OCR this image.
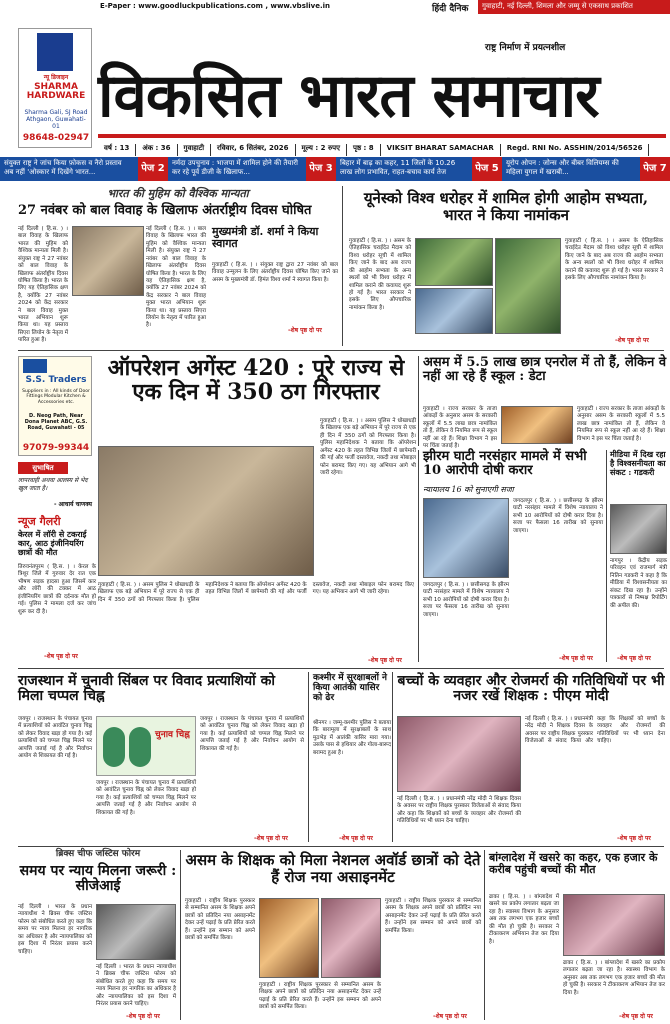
E-Paper : www.goodluckpublications.com , www.vbslive.in	हिंदी दैनिक	गुवाहाटी, नई दिल्ली, शिमला और जम्मू से एकसाथ प्रकाशित
न्यू डिजाइन
SHARMA HARDWARE
Sharma Gali, SJ Road Athgaon, Guwahati-01
98648-02947
राष्ट्र निर्माण में प्रयत्नशील
विकसित भारत समाचार
वर्ष : 13	अंक : 36	गुवाहाटी	रविवार, 6 सितंबर, 2026	मूल्य : 2 रुपए	पृष्ठ : 8	VIKSIT BHARAT SAMACHAR	Regd. RNI No. ASSHIN/2014/56526
संयुक्त राष्ट्र ने जांच किया फ़ोकस व नैरो प्रस्ताव अब नहीं 'ओस्कार में दिखेंगे भारत...	पेज 2	नर्मदा उपचुनाव : भाजपा में शामिल होने की तैयारी कर रहे पूर्व डीजी के खिलाफ...	पेज 3	बिहार में बाढ़ का कहर, 11 जिलों के 10.26 लाख लोग प्रभावित, राहत-बचाव कार्य तेज	पेज 5	यूरोप ओपन : जोन्स और बीबर विलियम्स की महिला युगल में खराबी...	पेज 7
भारत की मुहिम को वैश्विक मान्यता
27 नवंबर को बाल विवाह के खिलाफ अंतर्राष्ट्रीय दिवस घोषित
नई दिल्ली ( हि.स. ) । बाल विवाह के खिलाफ भारत की मुहिम को वैश्विक मान्यता मिली है। संयुक्त राष्ट्र ने 27 नवंबर को बाल विवाह के खिलाफ अंतर्राष्ट्रीय दिवस घोषित किया है। भारत के लिए यह ऐतिहासिक क्षण है, क्योंकि 27 नवंबर 2024 को केंद्र सरकार ने बाल विवाह मुक्त भारत अभियान शुरू किया था। यह प्रस्ताव सिएरा लियोन के नेतृत्व में पारित हुआ है।
नई दिल्ली ( हि.स. ) । बाल विवाह के खिलाफ भारत की मुहिम को वैश्विक मान्यता मिली है। संयुक्त राष्ट्र ने 27 नवंबर को बाल विवाह के खिलाफ अंतर्राष्ट्रीय दिवस घोषित किया है। भारत के लिए यह ऐतिहासिक क्षण है, क्योंकि 27 नवंबर 2024 को केंद्र सरकार ने बाल विवाह मुक्त भारत अभियान शुरू किया था। यह प्रस्ताव सिएरा लियोन के नेतृत्व में पारित हुआ है।
मुख्यमंत्री डॉ. शर्मा ने किया स्वागत
गुवाहाटी ( हि.स. ) । संयुक्त राष्ट्र द्वारा 27 नवंबर को बाल विवाह उन्मूलन के लिए अंतर्राष्ट्रीय दिवस घोषित किए जाने का असम के मुख्यमंत्री डॉ. हिमंत विश्व शर्मा ने स्वागत किया है।
-शेष पृष्ठ दो पर
यूनेस्को विश्व धरोहर में शामिल होगी आहोम सभ्यता, भारत ने किया नामांकन
गुवाहाटी ( हि.स. ) । असम के ऐतिहासिक चराईदेउ मैदाम को विश्व धरोहर सूची में शामिल किए जाने के बाद अब राज्य की आहोम सभ्यता के अन्य स्थलों को भी विश्व धरोहर में शामिल कराने की कवायद शुरू हो गई है। भारत सरकार ने इसके लिए औपचारिक नामांकन किया है।
गुवाहाटी ( हि.स. ) । असम के ऐतिहासिक चराईदेउ मैदाम को विश्व धरोहर सूची में शामिल किए जाने के बाद अब राज्य की आहोम सभ्यता के अन्य स्थलों को भी विश्व धरोहर में शामिल कराने की कवायद शुरू हो गई है। भारत सरकार ने इसके लिए औपचारिक नामांकन किया है।
-शेष पृष्ठ दो पर
S.S. Traders
Suppliers in : All kinds of Door Fittings Modular Kitchen & Accessories etc.
D. Neog Path, Near Dona Planet ABC, G.S. Road, Guwahati - 05
97079-99344
सुभाषित
लापरवाही अथवा आलस्य से भेद खुल जाता है।
- आचार्य चाणक्य
न्यूज गैलरी
केरल में लॉरी से टकराई कार, आठ इंजीनियरिंग छात्रों की मौत
तिरुवनंतपुरम ( हि.स. ) । केरल के त्रिशूर जिले में गुरुवार देर रात एक भीषण सड़क हादसा हुआ जिसमें कार और लॉरी की टक्कर में आठ इंजीनियरिंग छात्रों की दर्दनाक मौत हो गई। पुलिस ने मामला दर्ज कर जांच शुरू कर दी है।
-शेष पृष्ठ दो पर
ऑपरेशन अगेंस्ट 420 : पूरे राज्य से एक दिन में 350 ठग गिरफ्तार
गुवाहाटी ( हि.स. ) । असम पुलिस ने धोखाधड़ी के खिलाफ एक बड़े अभियान में पूरे राज्य से एक ही दिन में 350 ठगों को गिरफ्तार किया है। पुलिस महानिदेशक ने बताया कि ऑपरेशन अगेंस्ट 420 के तहत विभिन्न जिलों में छापेमारी की गई और फर्जी दस्तावेज, नकदी तथा मोबाइल फोन बरामद किए गए। यह अभियान आगे भी जारी रहेगा।
गुवाहाटी ( हि.स. ) । असम पुलिस ने धोखाधड़ी के खिलाफ एक बड़े अभियान में पूरे राज्य से एक ही दिन में 350 ठगों को गिरफ्तार किया है। पुलिस महानिदेशक ने बताया कि ऑपरेशन अगेंस्ट 420 के तहत विभिन्न जिलों में छापेमारी की गई और फर्जी दस्तावेज, नकदी तथा मोबाइल फोन बरामद किए गए। यह अभियान आगे भी जारी रहेगा।
-शेष पृष्ठ दो पर
असम में 5.5 लाख छात्र एनरोल में तो हैं, लेकिन वे नहीं आ रहे हैं स्कूल : डेटा
गुवाहाटी । राज्य सरकार के ताजा आंकड़ों के अनुसार असम के सरकारी स्कूलों में 5.5 लाख छात्र नामांकित तो हैं, लेकिन वे नियमित रूप से स्कूल नहीं आ रहे हैं। शिक्षा विभाग ने इस पर चिंता जताई है।
गुवाहाटी । राज्य सरकार के ताजा आंकड़ों के अनुसार असम के सरकारी स्कूलों में 5.5 लाख छात्र नामांकित तो हैं, लेकिन वे नियमित रूप से स्कूल नहीं आ रहे हैं। शिक्षा विभाग ने इस पर चिंता जताई है।
झीरम घाटी नरसंहार मामले में सभी 10 आरोपी दोषी करार
न्यायालय 16 को सुनाएगी सजा
जगदलपुर ( हि.स. ) । छत्तीसगढ़ के झीरम घाटी नरसंहार मामले में विशेष न्यायालय ने सभी 10 आरोपियों को दोषी करार दिया है। सजा पर फैसला 16 तारीख को सुनाया जाएगा।
जगदलपुर ( हि.स. ) । छत्तीसगढ़ के झीरम घाटी नरसंहार मामले में विशेष न्यायालय ने सभी 10 आरोपियों को दोषी करार दिया है। सजा पर फैसला 16 तारीख को सुनाया जाएगा।
-शेष पृष्ठ दो पर
मीडिया में दिख रहा है विश्वसनीयता का संकट : गडकरी
नागपुर । केंद्रीय सड़क परिवहन एवं राजमार्ग मंत्री नितिन गडकरी ने कहा है कि मीडिया में विश्वसनीयता का संकट दिख रहा है। उन्होंने पत्रकारों से निष्पक्ष रिपोर्टिंग की अपील की।
-शेष पृष्ठ दो पर
राजस्थान में चुनावी सिंबल पर विवाद प्रत्याशियों को मिला चप्पल चिह्न
जयपुर । राजस्थान के पंचायत चुनाव में प्रत्याशियों को आवंटित चुनाव चिह्न को लेकर विवाद खड़ा हो गया है। कई प्रत्याशियों को चप्पल चिह्न मिलने पर आपत्ति जताई गई है और निर्वाचन आयोग से शिकायत की गई है।
चुनाव चिह्न
जयपुर । राजस्थान के पंचायत चुनाव में प्रत्याशियों को आवंटित चुनाव चिह्न को लेकर विवाद खड़ा हो गया है। कई प्रत्याशियों को चप्पल चिह्न मिलने पर आपत्ति जताई गई है और निर्वाचन आयोग से शिकायत की गई है।
जयपुर । राजस्थान के पंचायत चुनाव में प्रत्याशियों को आवंटित चुनाव चिह्न को लेकर विवाद खड़ा हो गया है। कई प्रत्याशियों को चप्पल चिह्न मिलने पर आपत्ति जताई गई है और निर्वाचन आयोग से शिकायत की गई है।
-शेष पृष्ठ दो पर
कश्मीर में सुरक्षाबलों ने किया आतंकी यासिर को ढेर
श्रीनगर । जम्मू-कश्मीर पुलिस ने बताया कि बारामूला में सुरक्षाबलों के साथ मुठभेड़ में आतंकी यासिर मारा गया। उसके पास से हथियार और गोला-बारूद बरामद हुआ है।
-शेष पृष्ठ दो पर
बच्चों के व्यवहार और रोजमर्रा की गतिविधियों पर भी नजर रखें शिक्षक : पीएम मोदी
नई दिल्ली ( हि.स. ) । प्रधानमंत्री नरेंद्र मोदी ने शिक्षक दिवस के अवसर पर राष्ट्रीय शिक्षक पुरस्कार विजेताओं से संवाद किया और कहा कि शिक्षकों को बच्चों के व्यवहार और रोजमर्रा की गतिविधियों पर भी ध्यान देना चाहिए।
नई दिल्ली ( हि.स. ) । प्रधानमंत्री नरेंद्र मोदी ने शिक्षक दिवस के अवसर पर राष्ट्रीय शिक्षक पुरस्कार विजेताओं से संवाद किया और कहा कि शिक्षकों को बच्चों के व्यवहार और रोजमर्रा की गतिविधियों पर भी ध्यान देना चाहिए।
-शेष पृष्ठ दो पर
ब्रिक्स चीफ जस्टिस फोरम
समय पर न्याय मिलना जरूरी : सीजेआई
नई दिल्ली । भारत के प्रधान न्यायाधीश ने ब्रिक्स चीफ जस्टिस फोरम को संबोधित करते हुए कहा कि समय पर न्याय मिलना हर नागरिक का अधिकार है और न्यायपालिका को इस दिशा में निरंतर प्रयास करने चाहिए।
नई दिल्ली । भारत के प्रधान न्यायाधीश ने ब्रिक्स चीफ जस्टिस फोरम को संबोधित करते हुए कहा कि समय पर न्याय मिलना हर नागरिक का अधिकार है और न्यायपालिका को इस दिशा में निरंतर प्रयास करने चाहिए।
-शेष पृष्ठ दो पर
असम के शिक्षक को मिला नेशनल अवॉर्ड छात्रों को देते हैं रोज नया असाइनमेंट
गुवाहाटी । राष्ट्रीय शिक्षक पुरस्कार से सम्मानित असम के शिक्षक अपने छात्रों को प्रतिदिन नया असाइनमेंट देकर उन्हें पढ़ाई के प्रति प्रेरित करते हैं। उन्होंने इस सम्मान को अपने छात्रों को समर्पित किया।
गुवाहाटी । राष्ट्रीय शिक्षक पुरस्कार से सम्मानित असम के शिक्षक अपने छात्रों को प्रतिदिन नया असाइनमेंट देकर उन्हें पढ़ाई के प्रति प्रेरित करते हैं। उन्होंने इस सम्मान को अपने छात्रों को समर्पित किया।
गुवाहाटी । राष्ट्रीय शिक्षक पुरस्कार से सम्मानित असम के शिक्षक अपने छात्रों को प्रतिदिन नया असाइनमेंट देकर उन्हें पढ़ाई के प्रति प्रेरित करते हैं। उन्होंने इस सम्मान को अपने छात्रों को समर्पित किया।
-शेष पृष्ठ दो पर
बांग्लादेश में खसरे का कहर, एक हजार के करीब पहुंची बच्चों की मौत
ढाका ( हि.स. ) । बांग्लादेश में खसरे का प्रकोप लगातार बढ़ता जा रहा है। स्वास्थ्य विभाग के अनुसार अब तक लगभग एक हजार बच्चों की मौत हो चुकी है। सरकार ने टीकाकरण अभियान तेज कर दिया है।
ढाका ( हि.स. ) । बांग्लादेश में खसरे का प्रकोप लगातार बढ़ता जा रहा है। स्वास्थ्य विभाग के अनुसार अब तक लगभग एक हजार बच्चों की मौत हो चुकी है। सरकार ने टीकाकरण अभियान तेज कर दिया है।
-शेष पृष्ठ दो पर
